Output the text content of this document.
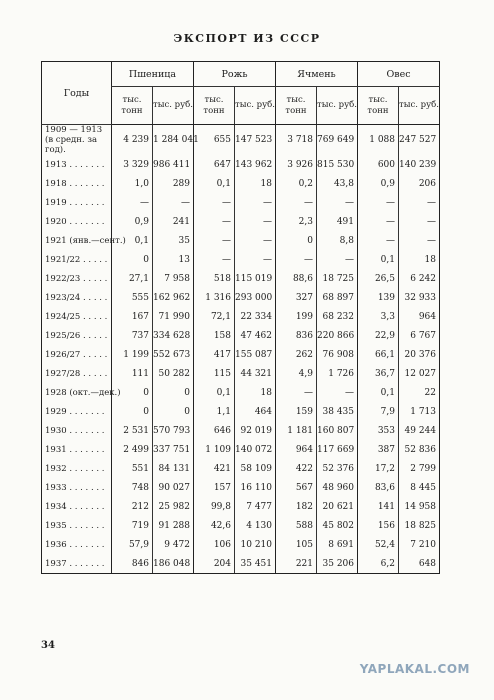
ЭКСПОРТ ИЗ СССР
Годы	Пшеница		Рожь		Ячмень		Овес	
	тыс. тонн	тыс. руб.	тыс. тонн	тыс. руб.	тыс. тонн	тыс. руб.	тыс. тонн	тыс. руб.
1909 — 1913 (в средн. за год).	4 239	1 284 041	655	147 523	3 718	769 649	1 088	247 527
1913 . . . . . . .	3 329	986 411	647	143 962	3 926	815 530	600	140 239
1918 . . . . . . .	1,0	289	0,1	18	0,2	43,8	0,9	206
1919 . . . . . . .	—	—	—	—	—	—	—	—
1920 . . . . . . .	0,9	241	—	—	2,3	491	—	—
1921 (янв.—сент.)	0,1	35	—	—	0	8,8	—	—
1921/22 . . . . .	0	13	—	—	—	—	0,1	18
1922/23 . . . . .	27,1	7 958	518	115 019	88,6	18 725	26,5	6 242
1923/24 . . . . .	555	162 962	1 316	293 000	327	68 897	139	32 933
1924/25 . . . . .	167	71 990	72,1	22 334	199	68 232	3,3	964
1925/26 . . . . .	737	334 628	158	47 462	836	220 866	22,9	6 767
1926/27 . . . . .	1 199	552 673	417	155 087	262	76 908	66,1	20 376
1927/28 . . . . .	111	50 282	115	44 321	4,9	1 726	36,7	12 027
1928 (окт.—дек.)	0	0	0,1	18	—	—	0,1	22
1929 . . . . . . .	0	0	1,1	464	159	38 435	7,9	1 713
1930 . . . . . . .	2 531	570 793	646	92 019	1 181	160 807	353	49 244
1931 . . . . . . .	2 499	337 751	1 109	140 072	964	117 669	387	52 836
1932 . . . . . . .	551	84 131	421	58 109	422	52 376	17,2	2 799
1933 . . . . . . .	748	90 027	157	16 110	567	48 960	83,6	8 445
1934 . . . . . . .	212	25 982	99,8	7 477	182	20 621	141	14 958
1935 . . . . . . .	719	91 288	42,6	4 130	588	45 802	156	18 825
1936 . . . . . . .	57,9	9 472	106	10 210	105	8 691	52,4	7 210
1937 . . . . . . .	846	186 048	204	35 451	221	35 206	6,2	648
34
YAPLAKAL.COM
